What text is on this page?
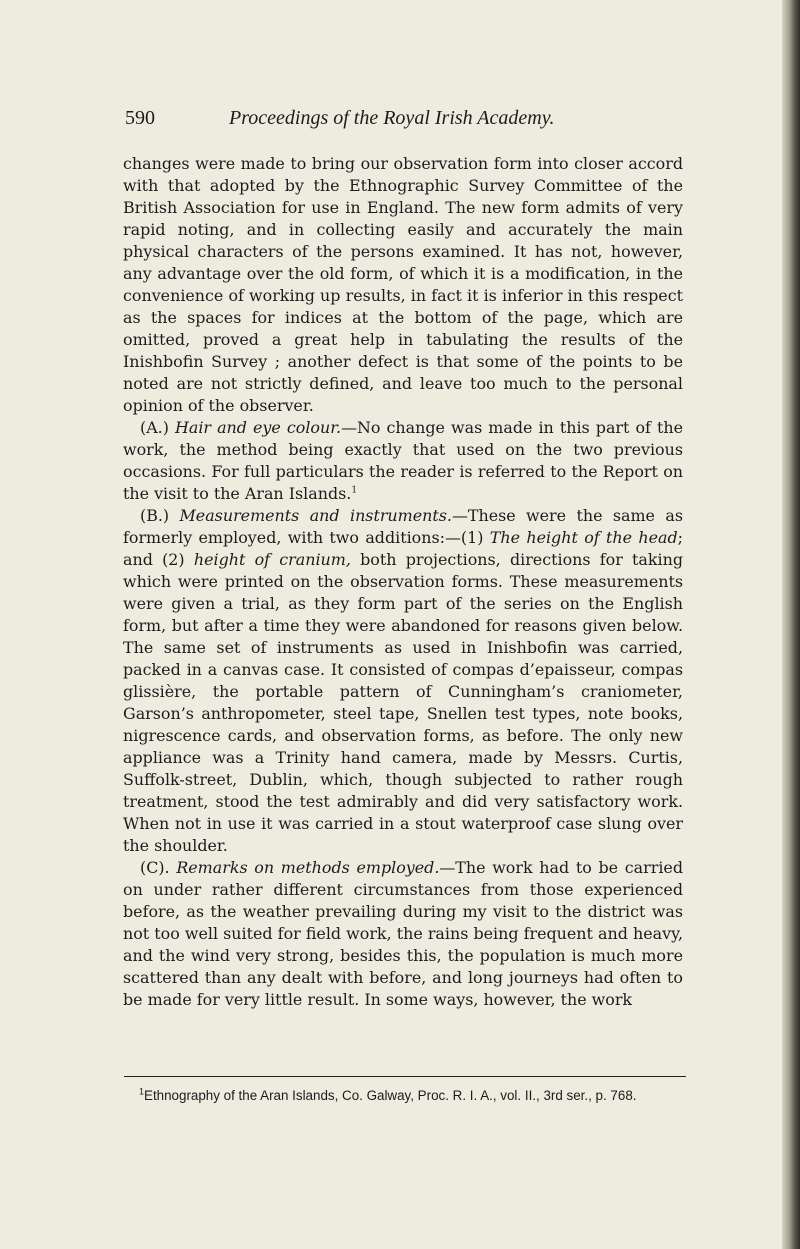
590	Proceedings of the Royal Irish Academy.

changes were made to bring our observation form into closer accord with that adopted by the Ethnographic Survey Committee of the British Association for use in England. The new form admits of very rapid noting, and in collecting easily and accurately the main physical characters of the persons examined. It has not, however, any advantage over the old form, of which it is a modification, in the convenience of working up results, in fact it is inferior in this respect as the spaces for indices at the bottom of the page, which are omitted, proved a great help in tabulating the results of the Inishbofin Survey ; another defect is that some of the points to be noted are not strictly defined, and leave too much to the personal opinion of the observer.

(A.) Hair and eye colour.—No change was made in this part of the work, the method being exactly that used on the two previous occasions. For full particulars the reader is referred to the Report on the visit to the Aran Islands.$^1$

(B.) Measurements and instruments.—These were the same as formerly employed, with two additions:—(1) The height of the head; and (2) height of cranium, both projections, directions for taking which were printed on the observation forms. These measurements were given a trial, as they form part of the series on the English form, but after a time they were abandoned for reasons given below. The same set of instruments as used in Inishbofin was carried, packed in a canvas case. It consisted of compas d’epaisseur, compas glissière, the portable pattern of Cunningham’s craniometer, Garson’s anthropometer, steel tape, Snellen test types, note books, nigrescence cards, and observation forms, as before. The only new appliance was a Trinity hand camera, made by Messrs. Curtis, Suffolk-street, Dublin, which, though subjected to rather rough treatment, stood the test admirably and did very satisfactory work. When not in use it was carried in a stout waterproof case slung over the shoulder.

(C). Remarks on methods employed.—The work had to be carried on under rather different circumstances from those experienced before, as the weather prevailing during my visit to the district was not too well suited for field work, the rains being frequent and heavy, and the wind very strong, besides this, the population is much more scattered than any dealt with before, and long journeys had often to be made for very little result. In some ways, however, the work

$^1$Ethnography of the Aran Islands, Co. Galway, Proc. R. I. A., vol. II., 3rd ser., p. 768.
